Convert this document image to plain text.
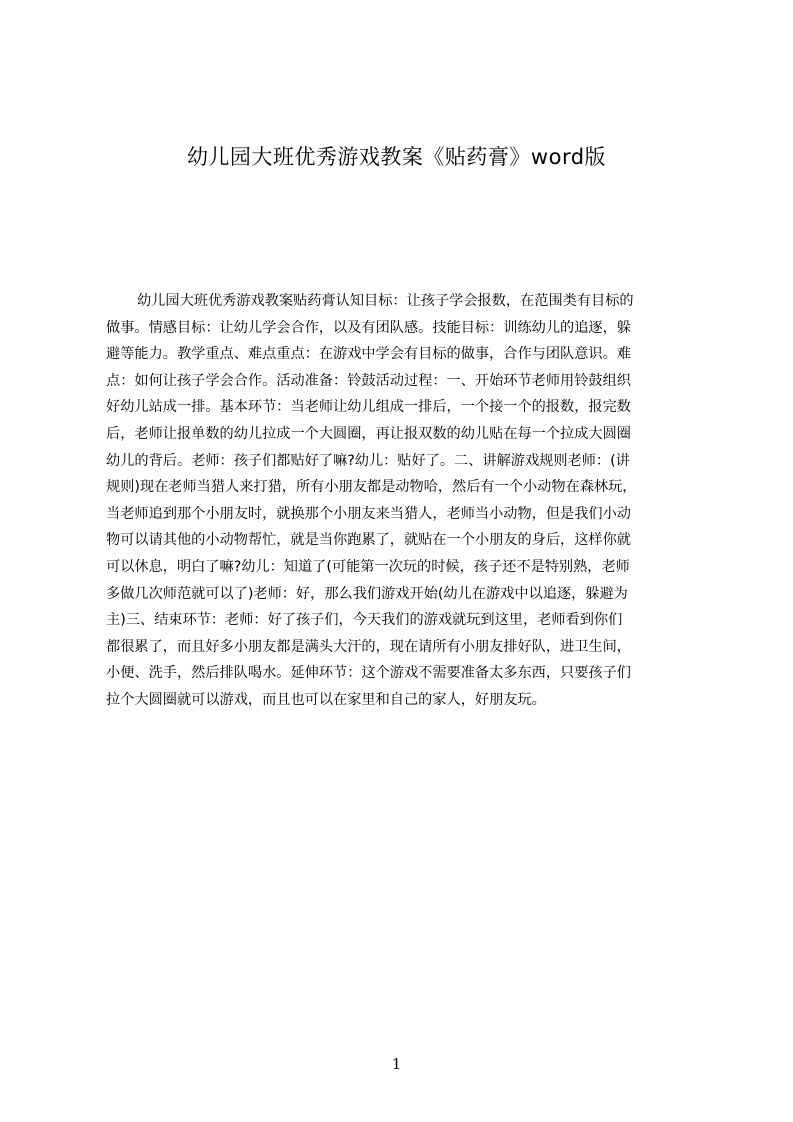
幼儿园大班优秀游戏教案《贴药膏》word版
幼儿园大班优秀游戏教案贴药膏认知目标：让孩子学会报数，在范围类有目标的
做事。情感目标：让幼儿学会合作，以及有团队感。技能目标：训练幼儿的追逐，躲
避等能力。教学重点、难点重点：在游戏中学会有目标的做事，合作与团队意识。难
点：如何让孩子学会合作。活动准备：铃鼓活动过程：一、开始环节老师用铃鼓组织
好幼儿站成一排。基本环节：当老师让幼儿组成一排后，一个接一个的报数，报完数
后，老师让报单数的幼儿拉成一个大圆圈，再让报双数的幼儿贴在每一个拉成大圆圈
幼儿的背后。老师：孩子们都贴好了嘛?幼儿：贴好了。二、讲解游戏规则老师：(讲
规则)现在老师当猎人来打猎，所有小朋友都是动物哈，然后有一个小动物在森林玩，
当老师追到那个小朋友时，就换那个小朋友来当猎人，老师当小动物，但是我们小动
物可以请其他的小动物帮忙，就是当你跑累了，就贴在一个小朋友的身后，这样你就
可以休息，明白了嘛?幼儿：知道了(可能第一次玩的时候，孩子还不是特别熟，老师
多做几次师范就可以了)老师：好，那么我们游戏开始(幼儿在游戏中以追逐，躲避为
主)三、结束环节：老师：好了孩子们，今天我们的游戏就玩到这里，老师看到你们
都很累了，而且好多小朋友都是满头大汗的，现在请所有小朋友排好队，进卫生间，
小便、洗手，然后排队喝水。延伸环节：这个游戏不需要准备太多东西，只要孩子们
拉个大圆圈就可以游戏，而且也可以在家里和自己的家人，好朋友玩。
1
